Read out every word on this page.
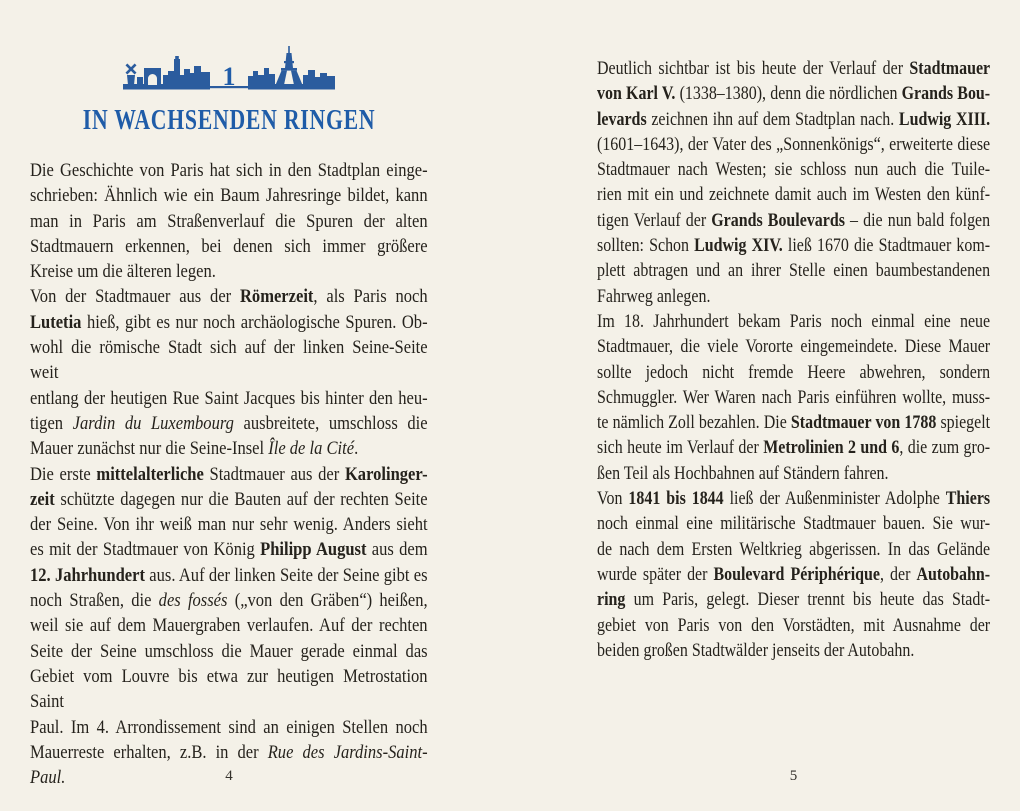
1
IN WACHSENDEN RINGEN
Die Geschichte von Paris hat sich in den Stadtplan einge-
schrieben: Ähnlich wie ein Baum Jahresringe bildet, kann
man in Paris am Straßenverlauf die Spuren der alten
Stadtmauern erkennen, bei denen sich immer größere
Kreise um die älteren legen.
Von der Stadtmauer aus der Römerzeit, als Paris noch
Lutetia hieß, gibt es nur noch archäologische Spuren. Ob-
wohl die römische Stadt sich auf der linken Seine-Seite weit
entlang der heutigen Rue Saint Jacques bis hinter den heu-
tigen Jardin du Luxembourg ausbreitete, umschloss die
Mauer zunächst nur die Seine-Insel Île de la Cité.
Die erste mittelalterliche Stadtmauer aus der Karolinger-
zeit schützte dagegen nur die Bauten auf der rechten Seite
der Seine. Von ihr weiß man nur sehr wenig. Anders sieht
es mit der Stadtmauer von König Philipp August aus dem
12. Jahrhundert aus. Auf der linken Seite der Seine gibt es
noch Straßen, die des fossés („von den Gräben“) heißen,
weil sie auf dem Mauergraben verlaufen. Auf der rechten
Seite der Seine umschloss die Mauer gerade einmal das
Gebiet vom Louvre bis etwa zur heutigen Metrostation Saint
Paul. Im 4. Arrondissement sind an einigen Stellen noch
Mauerreste erhalten, z.B. in der Rue des Jardins-Saint-
Paul.
Deutlich sichtbar ist bis heute der Verlauf der Stadtmauer
von Karl V. (1338–1380), denn die nördlichen Grands Bou-
levards zeichnen ihn auf dem Stadtplan nach. Ludwig XIII.
(1601–1643), der Vater des „Sonnenkönigs“, erweiterte diese
Stadtmauer nach Westen; sie schloss nun auch die Tuile-
rien mit ein und zeichnete damit auch im Westen den künf-
tigen Verlauf der Grands Boulevards – die nun bald folgen
sollten: Schon Ludwig XIV. ließ 1670 die Stadtmauer kom-
plett abtragen und an ihrer Stelle einen baumbestandenen
Fahrweg anlegen.
Im 18. Jahrhundert bekam Paris noch einmal eine neue
Stadtmauer, die viele Vororte eingemeindete. Diese Mauer
sollte jedoch nicht fremde Heere abwehren, sondern
Schmuggler. Wer Waren nach Paris einführen wollte, muss-
te nämlich Zoll bezahlen. Die Stadtmauer von 1788 spiegelt
sich heute im Verlauf der Metrolinien 2 und 6, die zum gro-
ßen Teil als Hochbahnen auf Ständern fahren.
Von 1841 bis 1844 ließ der Außenminister Adolphe Thiers
noch einmal eine militärische Stadtmauer bauen. Sie wur-
de nach dem Ersten Weltkrieg abgerissen. In das Gelände
wurde später der Boulevard Périphérique, der Autobahn-
ring um Paris, gelegt. Dieser trennt bis heute das Stadt-
gebiet von Paris von den Vorstädten, mit Ausnahme der
beiden großen Stadtwälder jenseits der Autobahn.
4	5
